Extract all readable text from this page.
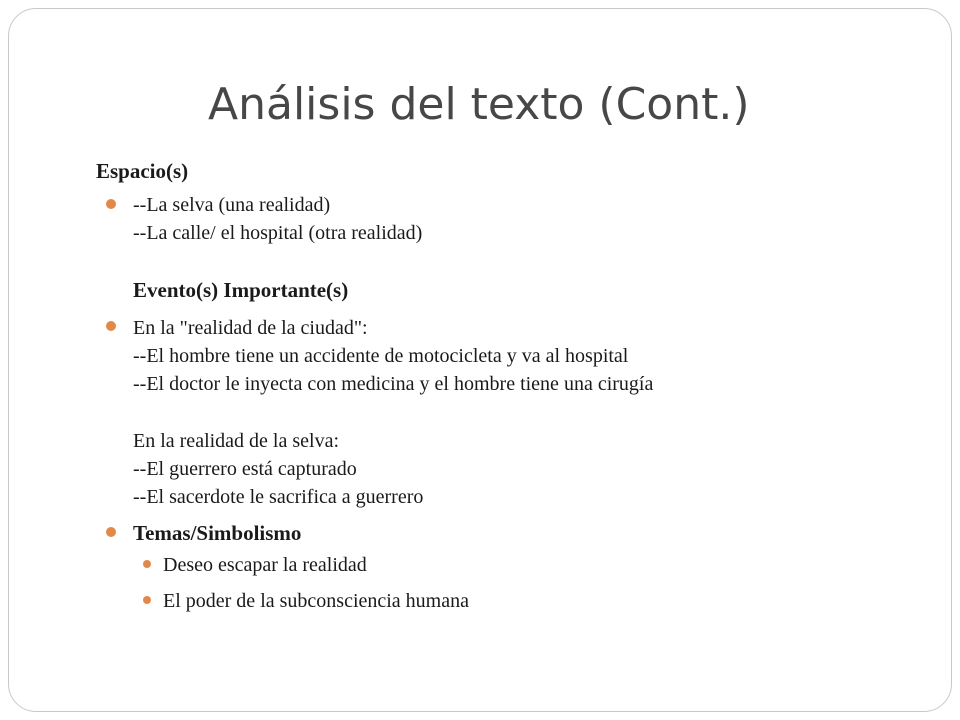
Análisis del texto (Cont.)
Espacio(s)
--La selva (una realidad)
--La calle/ el hospital (otra realidad)
Evento(s) Importante(s)
En la "realidad de la ciudad":
--El hombre tiene un accidente de motocicleta y va al hospital
--El doctor le inyecta con medicina y el hombre tiene una cirugía
En la realidad de la selva:
--El guerrero está capturado
--El sacerdote le sacrifica a guerrero
Temas/Simbolismo
Deseo escapar la realidad
El poder de la subconsciencia humana
